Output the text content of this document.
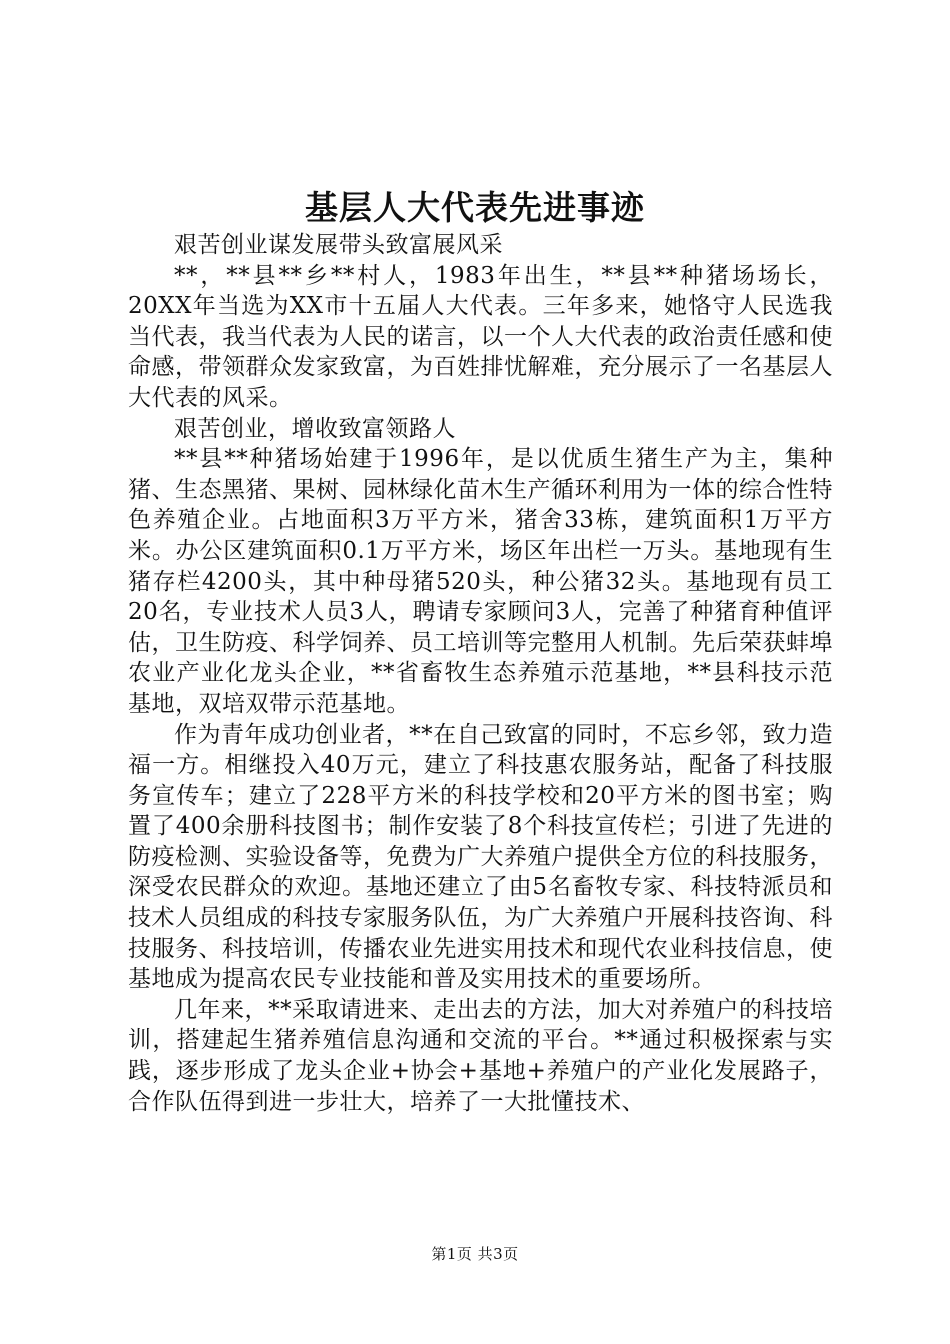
基层人大代表先进事迹

艰苦创业谋发展带头致富展风采

**，**县**乡**村人，1983年出生，**县**种猪场场长，20XX年当选为XX市十五届人大代表。三年多来，她恪守人民选我当代表，我当代表为人民的诺言，以一个人大代表的政治责任感和使命感，带领群众发家致富，为百姓排忧解难，充分展示了一名基层人大代表的风采。

艰苦创业，增收致富领路人

**县**种猪场始建于1996年，是以优质生猪生产为主，集种猪、生态黑猪、果树、园林绿化苗木生产循环利用为一体的综合性特色养殖企业。占地面积3万平方米，猪舍33栋，建筑面积1万平方米。办公区建筑面积0.1万平方米，场区年出栏一万头。基地现有生猪存栏4200头，其中种母猪520头，种公猪32头。基地现有员工20名，专业技术人员3人，聘请专家顾问3人，完善了种猪育种值评估，卫生防疫、科学饲养、员工培训等完整用人机制。先后荣获蚌埠农业产业化龙头企业，**省畜牧生态养殖示范基地，**县科技示范基地，双培双带示范基地。

作为青年成功创业者，**在自己致富的同时，不忘乡邻，致力造福一方。相继投入40万元，建立了科技惠农服务站，配备了科技服务宣传车；建立了228平方米的科技学校和20平方米的图书室；购置了400余册科技图书；制作安装了8个科技宣传栏；引进了先进的防疫检测、实验设备等，免费为广大养殖户提供全方位的科技服务，深受农民群众的欢迎。基地还建立了由5名畜牧专家、科技特派员和技术人员组成的科技专家服务队伍，为广大养殖户开展科技咨询、科技服务、科技培训，传播农业先进实用技术和现代农业科技信息，使基地成为提高农民专业技能和普及实用技术的重要场所。

几年来，**采取请进来、走出去的方法，加大对养殖户的科技培训，搭建起生猪养殖信息沟通和交流的平台。**通过积极探索与实践，逐步形成了龙头企业+协会+基地+养殖户的产业化发展路子，合作队伍得到进一步壮大，培养了一大批懂技术、

第1页 共3页
